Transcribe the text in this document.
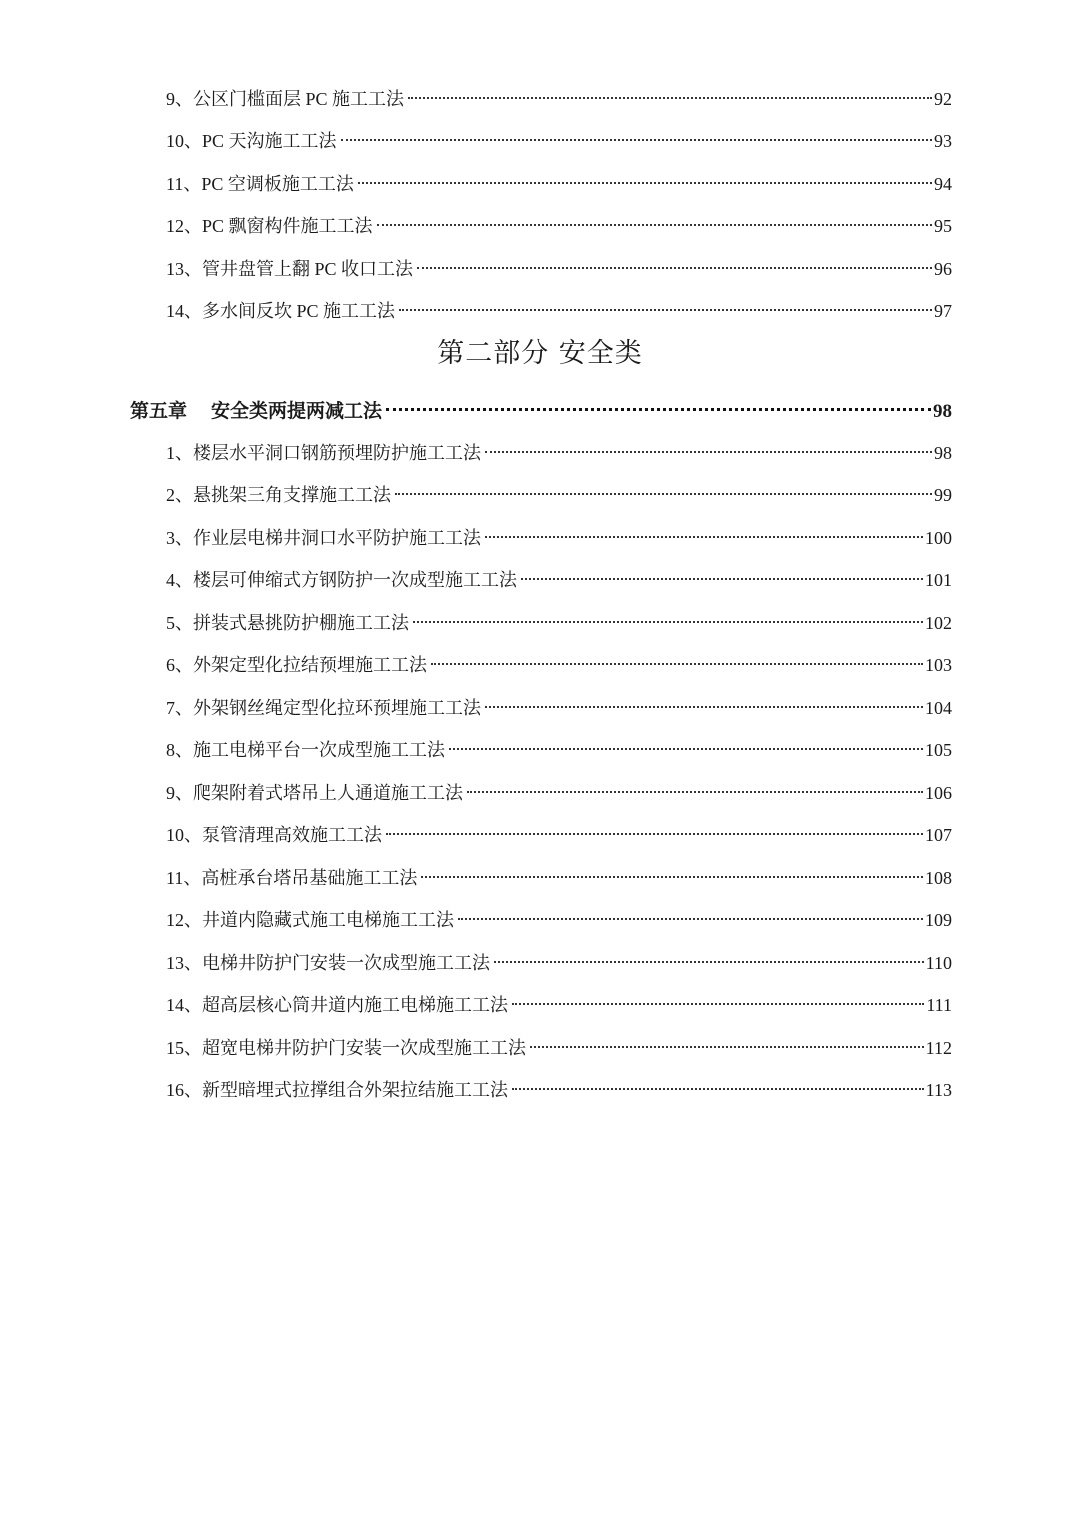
9、公区门槛面层 PC 施工工法	92
10、PC 天沟施工工法	93
11、PC 空调板施工工法	94
12、PC 飘窗构件施工工法	95
13、管井盘管上翻 PC 收口工法	96
14、多水间反坎 PC 施工工法	97
第二部分 安全类
第五章 安全类两提两减工法	98
1、楼层水平洞口钢筋预埋防护施工工法	98
2、悬挑架三角支撑施工工法	99
3、作业层电梯井洞口水平防护施工工法	100
4、楼层可伸缩式方钢防护一次成型施工工法	101
5、拼装式悬挑防护棚施工工法	102
6、外架定型化拉结预埋施工工法	103
7、外架钢丝绳定型化拉环预埋施工工法	104
8、施工电梯平台一次成型施工工法	105
9、爬架附着式塔吊上人通道施工工法	106
10、泵管清理高效施工工法	107
11、高桩承台塔吊基础施工工法	108
12、井道内隐藏式施工电梯施工工法	109
13、电梯井防护门安装一次成型施工工法	110
14、超高层核心筒井道内施工电梯施工工法	111
15、超宽电梯井防护门安装一次成型施工工法	112
16、新型暗埋式拉撑组合外架拉结施工工法	113
